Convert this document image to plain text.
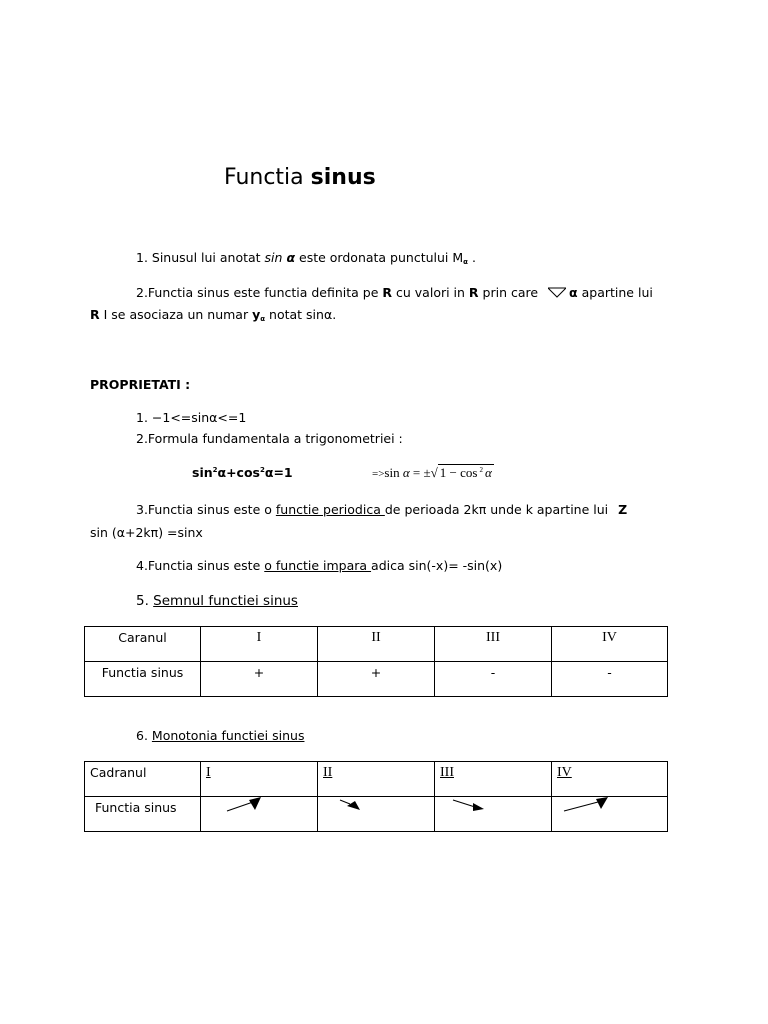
Functia sinus
1. Sinusul lui anotat sin α este ordonata punctului $M_\alpha$ .
2.Functia sinus este functia definita pe R cu valori in R prin care α apartine lui
R I se asociaza un numar $y_\alpha$ notat sinα.
PROPRIETATI :
1. −1<=sinα<=1
2.Formula fundamentala a trigonometriei :
$\sin^2\alpha+\cos^2\alpha=1$	=>sin α = ±√ 1 − cos $^2$ α
3.Functia sinus este o functie periodica de perioada 2kπ unde k apartine lui Z
sin (α+2kπ) =sinx
4.Functia sinus este o functie impara adica sin(-x)= -sin(x)
5. Semnul functiei sinus
Caranul	I	II	III	IV
Functia sinus	+	+	-	-
6. Monotonia functiei sinus
Cadranul	I	II	III	IV
Functia sinus				
